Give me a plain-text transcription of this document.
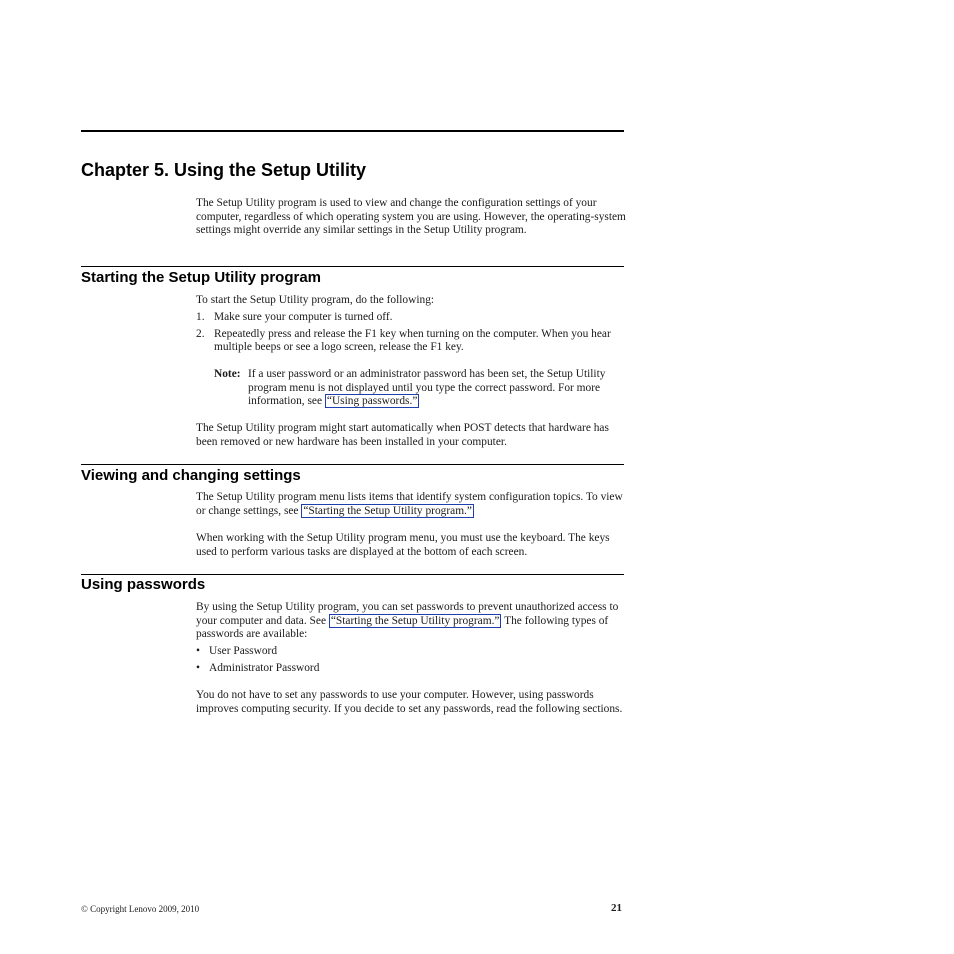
Chapter 5. Using the Setup Utility

The Setup Utility program is used to view and change the configuration settings of your computer, regardless of which operating system you are using. However, the operating-system settings might override any similar settings in the Setup Utility program.

Starting the Setup Utility program

To start the Setup Utility program, do the following:

1. Make sure your computer is turned off.
2. Repeatedly press and release the F1 key when turning on the computer. When you hear multiple beeps or see a logo screen, release the F1 key.
Note: If a user password or an administrator password has been set, the Setup Utility program menu is not displayed until you type the correct password. For more information, see “Using passwords.”

The Setup Utility program might start automatically when POST detects that hardware has been removed or new hardware has been installed in your computer.

Viewing and changing settings

The Setup Utility program menu lists items that identify system configuration topics. To view or change settings, see “Starting the Setup Utility program.”

When working with the Setup Utility program menu, you must use the keyboard. The keys used to perform various tasks are displayed at the bottom of each screen.

Using passwords

By using the Setup Utility program, you can set passwords to prevent unauthorized access to your computer and data. See “Starting the Setup Utility program.” The following types of passwords are available:

• User Password
• Administrator Password

You do not have to set any passwords to use your computer. However, using passwords improves computing security. If you decide to set any passwords, read the following sections.

© Copyright Lenovo 2009, 2010	21
